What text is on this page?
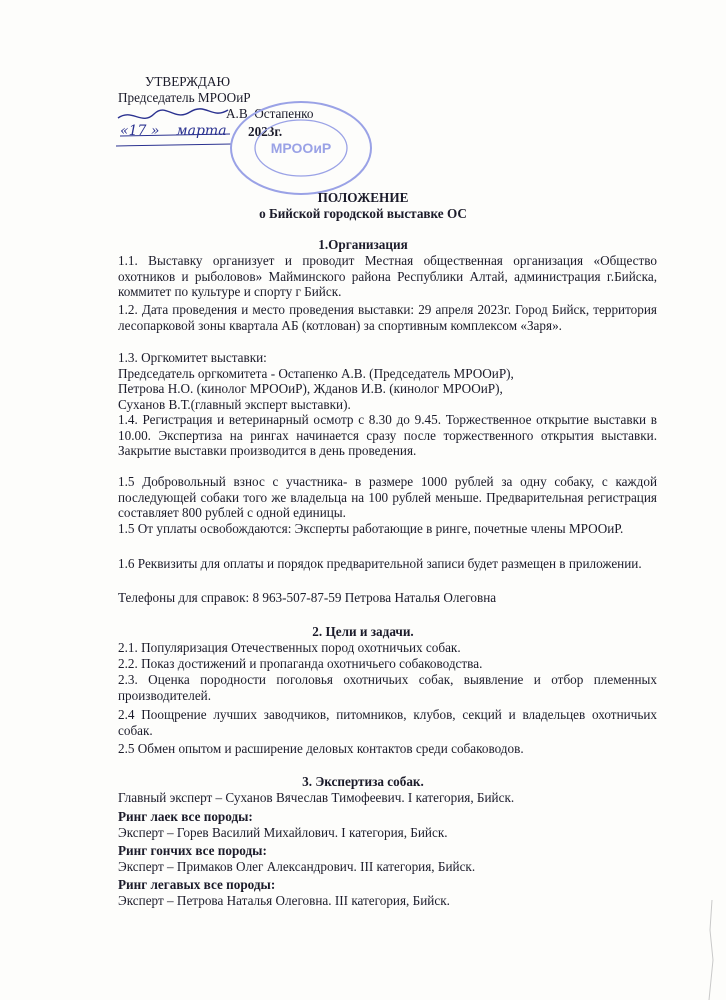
УТВЕРЖДАЮ
Председатель МРООиР
А.В. Остапенко
«17 » марта 2023г.
МРООиР
ПОЛОЖЕНИЕ
о Бийской городской выставке ОС
1.Организация

1.1. Выставку организует и проводит Местная общественная организация «Общество охотников и рыболовов» Майминского района Республики Алтай, администрация г.Бийска, коммитет по культуре и спорту г Бийск.

1.2. Дата проведения и место проведения выставки: 29 апреля 2023г. Город Бийск, территория лесопарковой зоны квартала АБ (котлован) за спортивным комплексом «Заря».

1.3. Оргкомитет выставки:

Председатель оргкомитета - Остапенко А.В. (Председатель МРООиР),

Петрова Н.О. (кинолог МРООиР), Жданов И.В. (кинолог МРООиР),

Суханов В.Т.(главный эксперт выставки).

1.4. Регистрация и ветеринарный осмотр с 8.30 до 9.45. Торжественное открытие выставки в 10.00. Экспертиза на рингах начинается сразу после торжественного открытия выставки. Закрытие выставки производится в день проведения.

1.5 Добровольный взнос с участника- в размере 1000 рублей за одну собаку, с каждой последующей собаки того же владельца на 100 рублей меньше. Предварительная регистрация составляет 800 рублей с одной единицы.

1.5 От уплаты освобождаются: Эксперты работающие в ринге, почетные члены МРООиР.

1.6 Реквизиты для оплаты и порядок предварительной записи будет размещен в приложении.

Телефоны для справок: 8 963-507-87-59 Петрова Наталья Олеговна

2. Цели и задачи.

2.1. Популяризация Отечественных пород охотничьих собак.

2.2. Показ достижений и пропаганда охотничьего собаководства.

2.3. Оценка породности поголовья охотничьих собак, выявление и отбор племенных производителей.

2.4 Поощрение лучших заводчиков, питомников, клубов, секций и владельцев охотничьих собак.

2.5 Обмен опытом и расширение деловых контактов среди собаководов.

3. Экспертиза собак.

Главный эксперт – Суханов Вячеслав Тимофеевич. I категория, Бийск.

Ринг лаек все породы:

Эксперт – Горев Василий Михайлович. I категория, Бийск.

Ринг гончих все породы:

Эксперт – Примаков Олег Александрович. III категория, Бийск.

Ринг легавых все породы:

Эксперт – Петрова Наталья Олеговна. III категория, Бийск.
